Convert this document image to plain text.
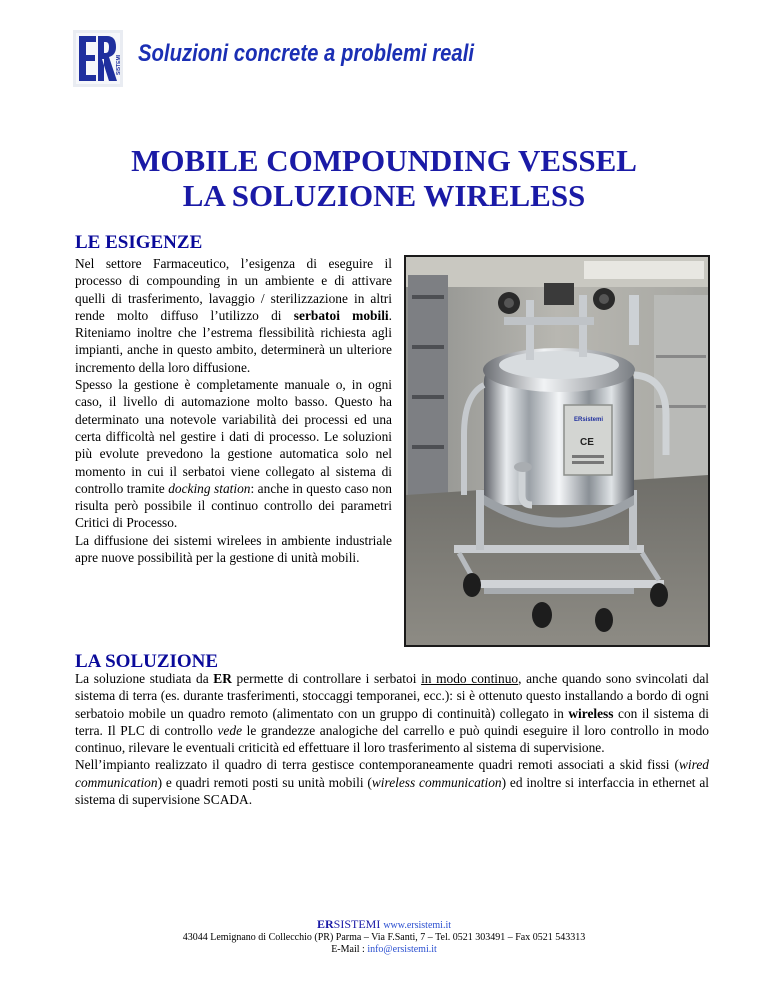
SISTEMI Soluzioni concrete a problemi reali
MOBILE COMPOUNDING VESSEL
LA SOLUZIONE WIRELESS
LE ESIGENZE

Nel settore Farmaceutico, l’esigenza di eseguire il processo di compounding in un ambiente e di attivare quelli di trasferimento, lavaggio / sterilizzazione in altri rende molto diffuso l’utilizzo di serbatoi mobili. Riteniamo inoltre che l’estrema flessibilità richiesta agli impianti, anche in questo ambito, determinerà un ulteriore incremento della loro diffusione.

Spesso la gestione è completamente manuale o, in ogni caso, il livello di automazione molto basso. Questo ha determinato una notevole variabilità dei processi ed una certa difficoltà nel gestire i dati di processo. Le soluzioni più evolute prevedono la gestione automatica solo nel momento in cui il serbatoi viene collegato al sistema di controllo tramite docking station: anche in questo caso non risulta però possibile il continuo controllo dei parametri Critici di Processo.

La diffusione dei sistemi wirelees in ambiente industriale apre nuove possibilità per la gestione di unità mobili.

ERsistemi
CE
LA SOLUZIONE

La soluzione studiata da ER permette di controllare i serbatoi in modo continuo, anche quando sono svincolati dal sistema di terra (es. durante trasferimenti, stoccaggi temporanei, ecc.): si è ottenuto questo installando a bordo di ogni serbatoio mobile un quadro remoto (alimentato con un gruppo di continuità) collegato in wireless con il sistema di terra. Il PLC di controllo vede le grandezze analogiche del carrello e può quindi eseguire il loro controllo in modo continuo, rilevare le eventuali criticità ed effettuare il loro trasferimento al sistema di supervisione.

Nell’impianto realizzato il quadro di terra gestisce contemporaneamente quadri remoti associati a skid fissi (wired communication) e quadri remoti posti su unità mobili (wireless communication) ed inoltre si interfaccia in ethernet al sistema di supervisione SCADA.

ERSISTEMI www.ersistemi.it
43044 Lemignano di Collecchio (PR) Parma – Via F.Santi, 7 – Tel. 0521 303491 – Fax 0521 543313
E-Mail : info@ersistemi.it
